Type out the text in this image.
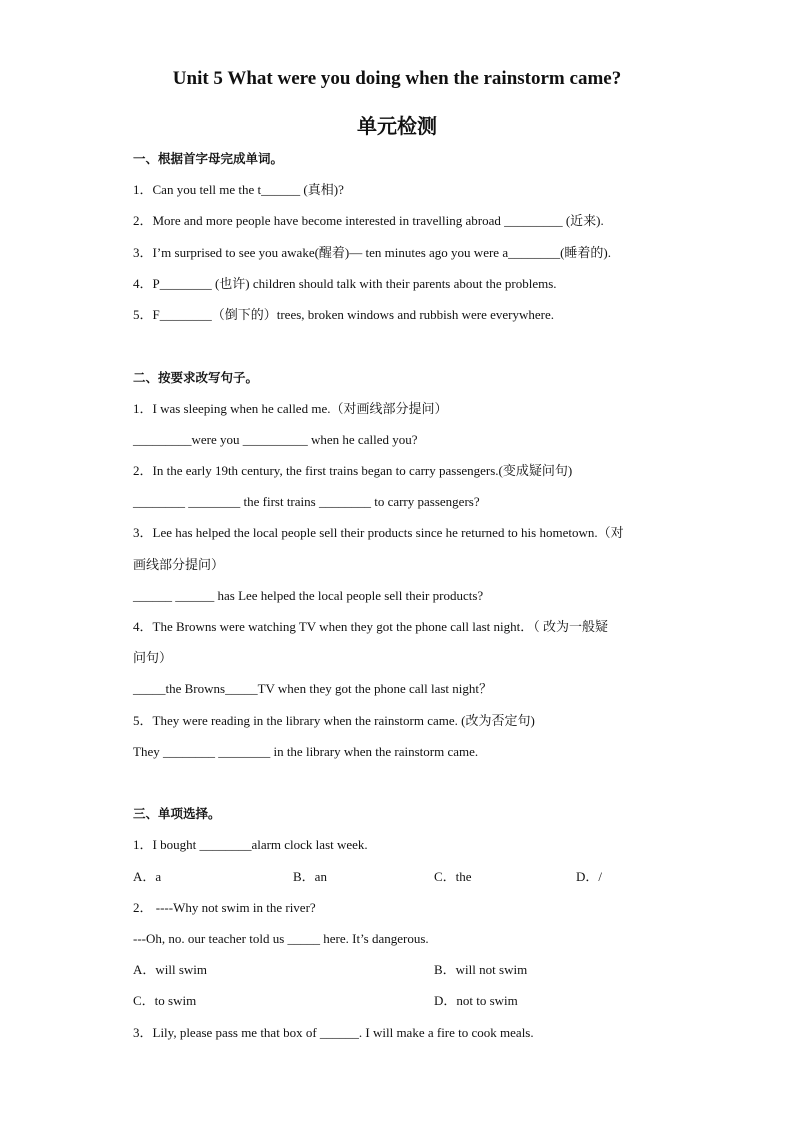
Unit 5 What were you doing when the rainstorm came?
单元检测
一、根据首字母完成单词。
1．Can you tell me the t______ (真相)?
2．More and more people have become interested in travelling abroad _________ (近来).
3．I’m surprised to see you awake(醒着)— ten minutes ago you were a________(睡着的).
4．P________ (也许) children should talk with their parents about the problems.
5．F________（倒下的）trees, broken windows and rubbish were everywhere.
二、按要求改写句子。
1．I was sleeping when he called me.（对画线部分提问）
_________were you __________ when he called you?
2．In the early 19th century, the first trains began to carry passengers.(变成疑问句)
________ ________ the first trains ________ to carry passengers?
3．Lee has helped the local people sell their products since he returned to his hometown.（对
画线部分提问）
______ ______ has Lee helped the local people sell their products?
4．The Browns were watching TV when they got the phone call last night．（ 改为一般疑
问句）
_____the Browns_____TV when they got the phone call last night？
5．They were reading in the library when the rainstorm came. (改为否定句)
They ________ ________ in the library when the rainstorm came.
三、单项选择。
1．I bought ________alarm clock last week.
A．a	B．an	C．the	D．/
2． ----Why not swim in the river?
---Oh, no. our teacher told us _____ here. It’s dangerous.
A．will swim	B．will not swim
C．to swim	D．not to swim
3．Lily, please pass me that box of ______. I will make a fire to cook meals.
